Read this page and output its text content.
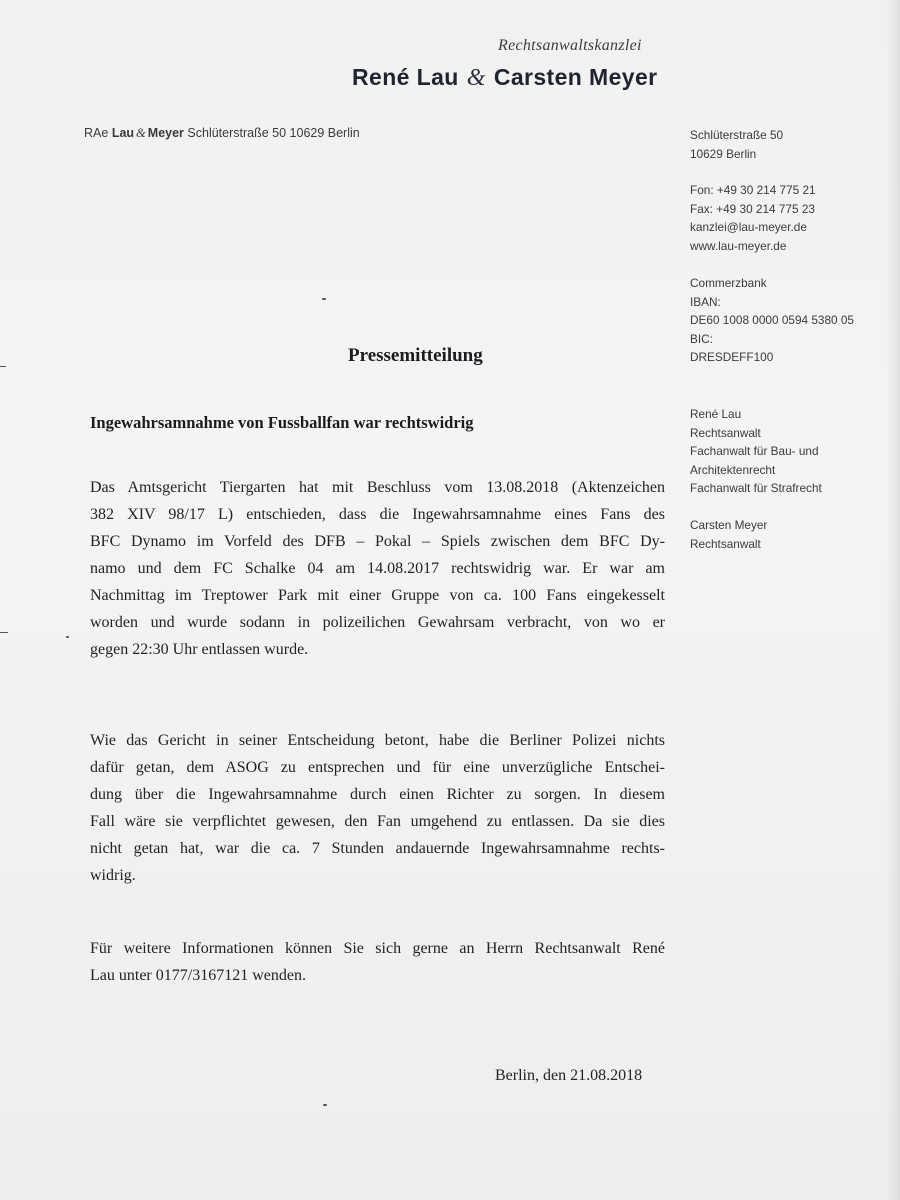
Rechtsanwaltskanzlei
René Lau & Carsten Meyer
RAe Lau & Meyer Schlüterstraße 50 10629 Berlin	Schlüterstraße 50
10629 Berlin
Fon: +49 30 214 775 21
Fax: +49 30 214 775 23
kanzlei@lau-meyer.de
www.lau-meyer.de
Commerzbank
IBAN:
DE60 1008 0000 0594 5380 05
BIC:
DRESDEFF100
René Lau
Rechtsanwalt
Fachanwalt für Bau- und
Architektenrecht
Fachanwalt für Strafrecht
Carsten Meyer
Rechtsanwalt
Pressemitteilung
Ingewahrsamnahme von Fussballfan war rechtswidrig
Das Amtsgericht Tiergarten hat mit Beschluss vom 13.08.2018 (Aktenzeichen
382 XIV 98/17 L) entschieden, dass die Ingewahrsamnahme eines Fans des
BFC Dynamo im Vorfeld des DFB – Pokal – Spiels zwischen dem BFC Dy-
namo und dem FC Schalke 04 am 14.08.2017 rechtswidrig war. Er war am
Nachmittag im Treptower Park mit einer Gruppe von ca. 100 Fans eingekesselt
worden und wurde sodann in polizeilichen Gewahrsam verbracht, von wo er
gegen 22:30 Uhr entlassen wurde.
Wie das Gericht in seiner Entscheidung betont, habe die Berliner Polizei nichts
dafür getan, dem ASOG zu entsprechen und für eine unverzügliche Entschei-
dung über die Ingewahrsamnahme durch einen Richter zu sorgen. In diesem
Fall wäre sie verpflichtet gewesen, den Fan umgehend zu entlassen. Da sie dies
nicht getan hat, war die ca. 7 Stunden andauernde Ingewahrsamnahme rechts-
widrig.
Für weitere Informationen können Sie sich gerne an Herrn Rechtsanwalt René
Lau unter 0177/3167121 wenden.
Berlin, den 21.08.2018
